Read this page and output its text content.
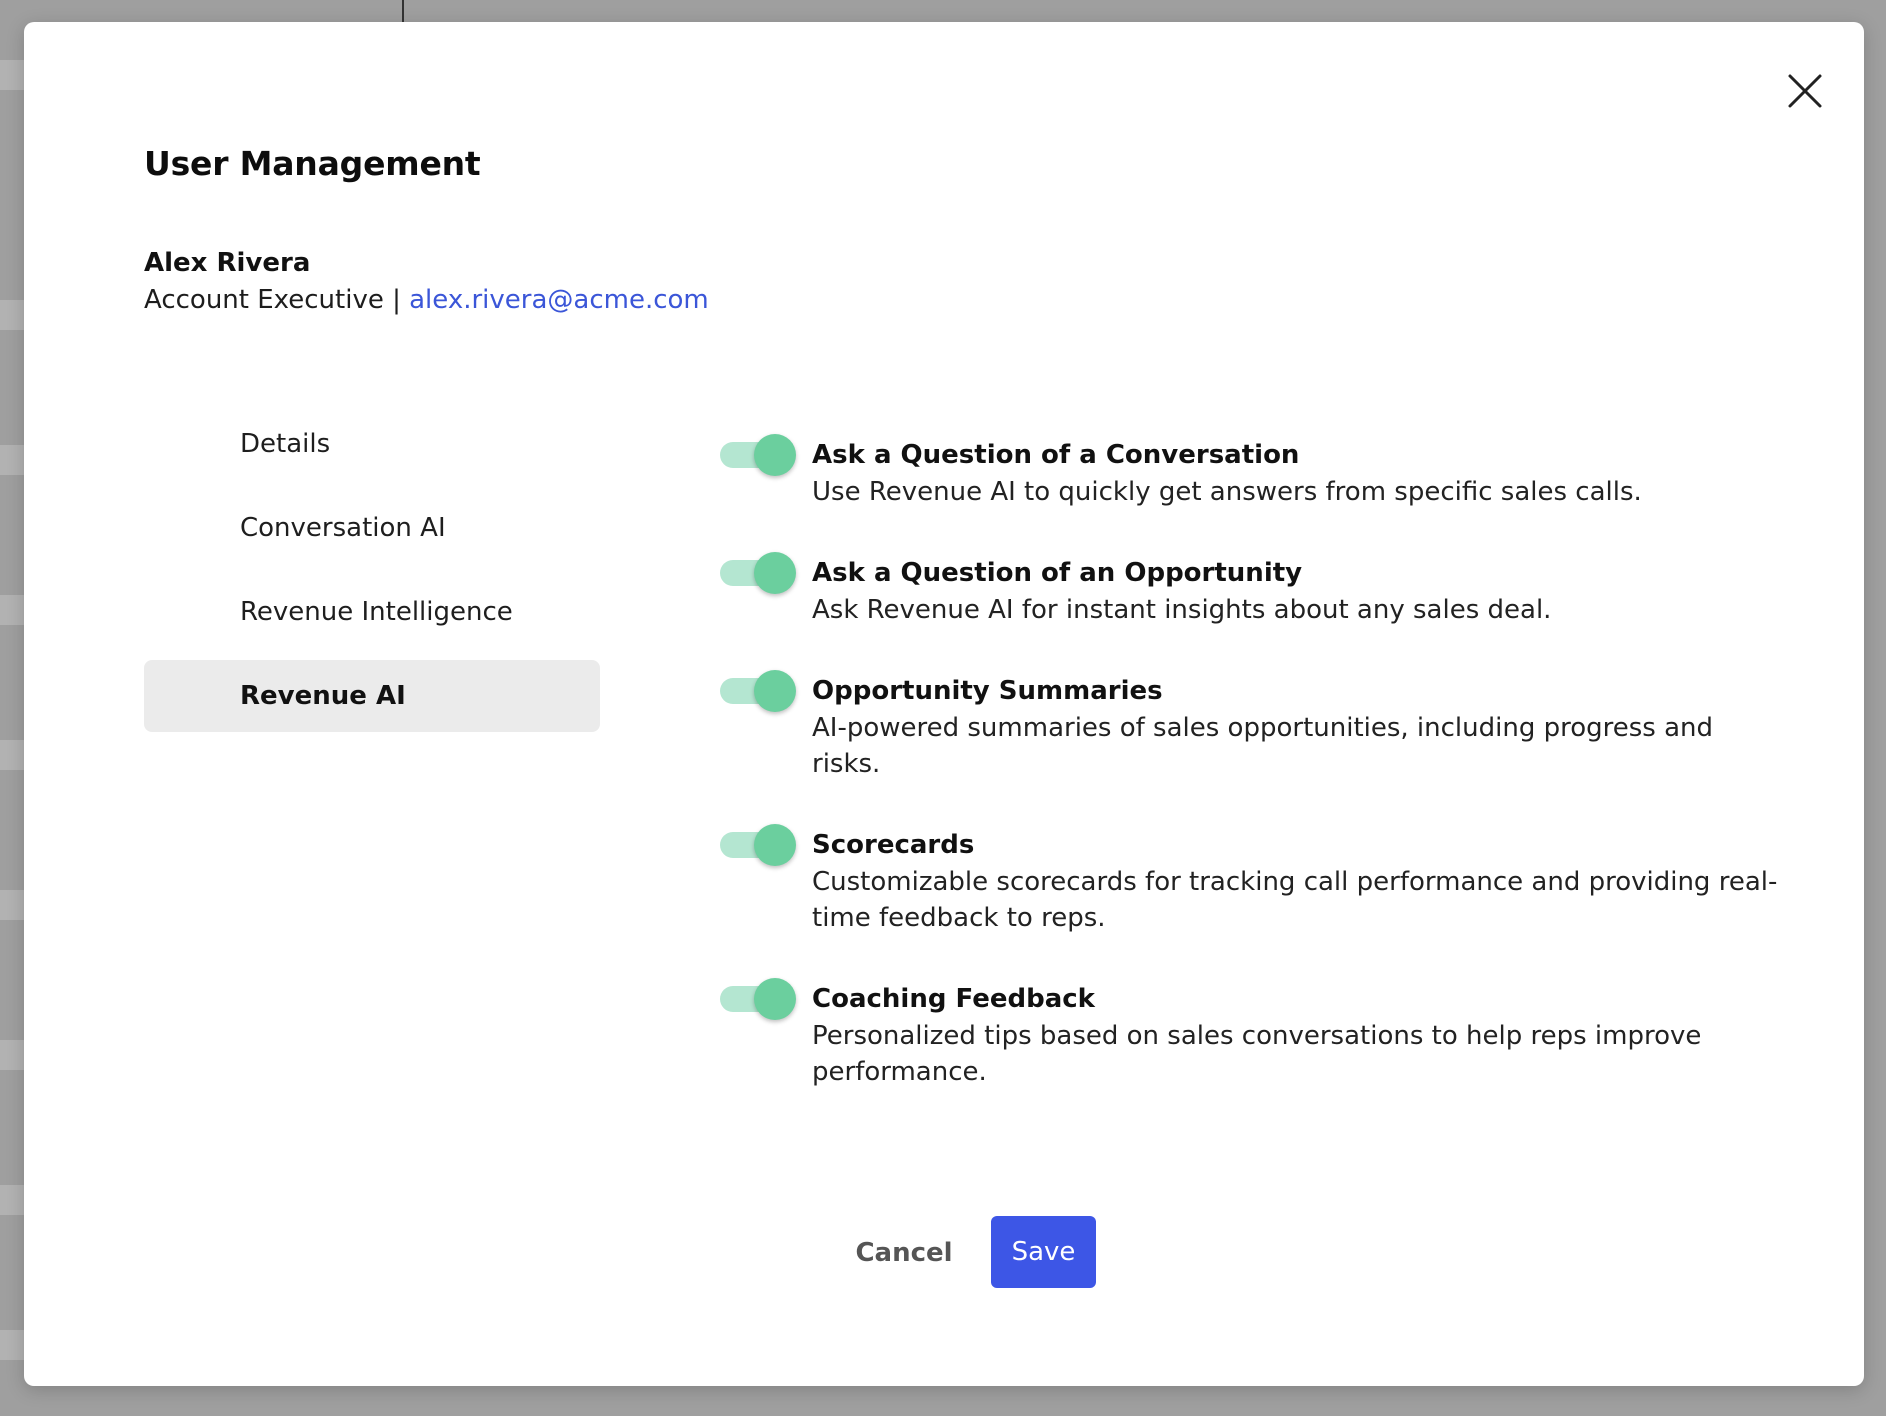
User Management
Alex Rivera
Account Executive | alex.rivera@acme.com
Details
Conversation AI
Revenue Intelligence
Revenue AI
Ask a Question of a Conversation
Use Revenue AI to quickly get answers from specific sales calls.
Ask a Question of an Opportunity
Ask Revenue AI for instant insights about any sales deal.
Opportunity Summaries
AI-powered summaries of sales opportunities, including progress and risks.
Scorecards
Customizable scorecards for tracking call performance and providing real-time feedback to reps.
Coaching Feedback
Personalized tips based on sales conversations to help reps improve performance.
Cancel	Save
